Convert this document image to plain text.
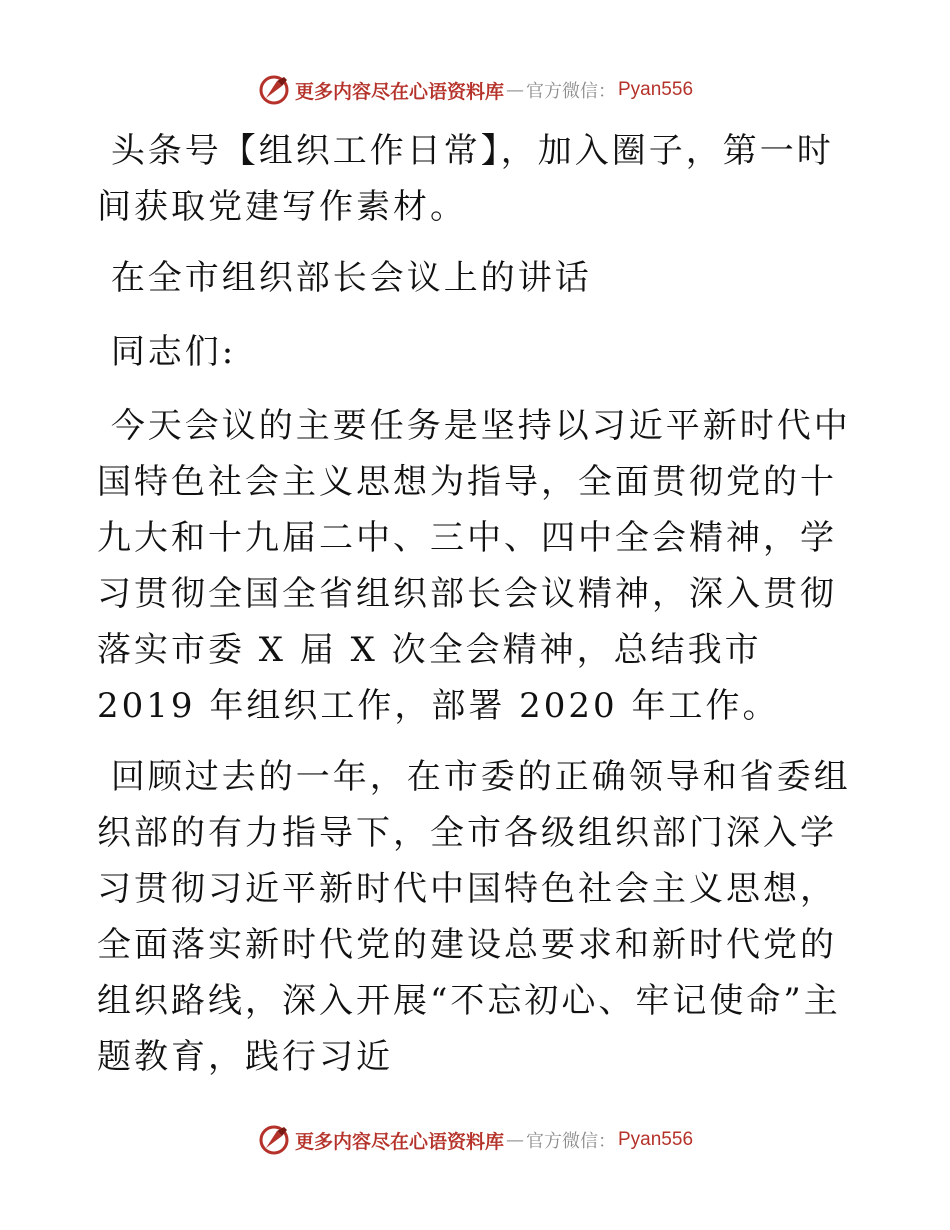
更多内容尽在心语资料库 — 官方微信： Pyan556

头条号【组织工作日常】，加入圈子，第一时间获取党建写作素材。

在全市组织部长会议上的讲话

同志们:

今天会议的主要任务是坚持以习近平新时代中国特色社会主义思想为指导，全面贯彻党的十九大和十九届二中、三中、四中全会精神，学习贯彻全国全省组织部长会议精神，深入贯彻落实市委 X 届 X 次全会精神，总结我市 2019 年组织工作，部署 2020 年工作。

回顾过去的一年，在市委的正确领导和省委组织部的有力指导下，全市各级组织部门深入学习贯彻习近平新时代中国特色社会主义思想，全面落实新时代党的建设总要求和新时代党的组织路线，深入开展“不忘初心、牢记使命”主题教育，践行习近

更多内容尽在心语资料库 — 官方微信： Pyan556
